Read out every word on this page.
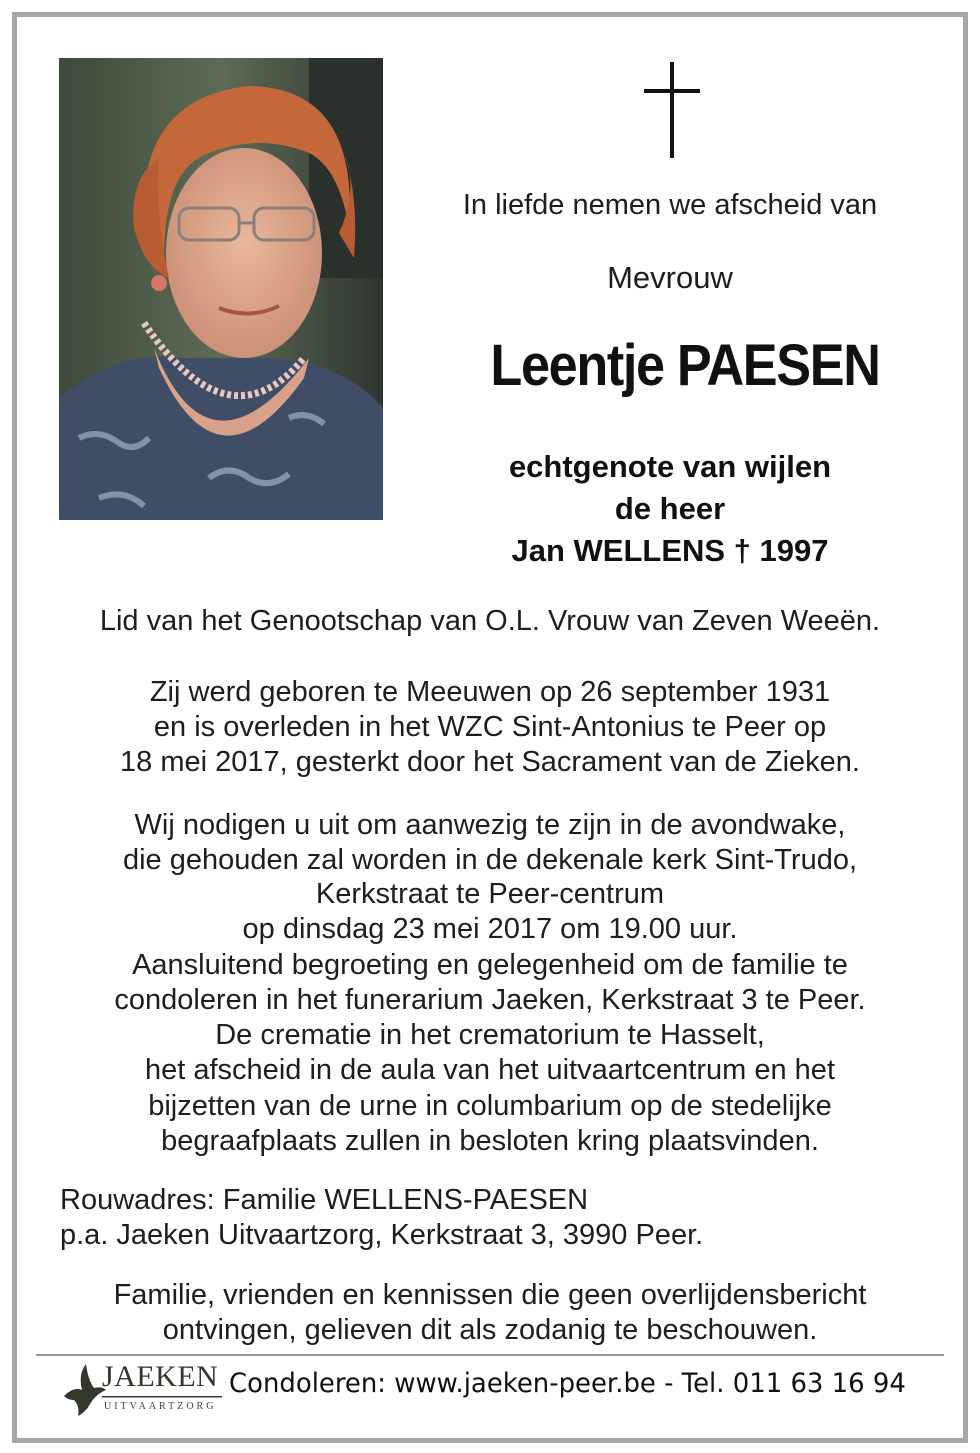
In liefde nemen we afscheid van
Mevrouw
Leentje PAESEN
echtgenote van wijlen
de heer
Jan WELLENS † 1997
Lid van het Genootschap van O.L. Vrouw van Zeven Weeën.
Zij werd geboren te Meeuwen op 26 september 1931
en is overleden in het WZC Sint-Antonius te Peer op
18 mei 2017, gesterkt door het Sacrament van de Zieken.
Wij nodigen u uit om aanwezig te zijn in de avondwake,
die gehouden zal worden in de dekenale kerk Sint-Trudo,
Kerkstraat te Peer-centrum
op dinsdag 23 mei 2017 om 19.00 uur.
Aansluitend begroeting en gelegenheid om de familie te
condoleren in het funerarium Jaeken, Kerkstraat 3 te Peer.
De crematie in het crematorium te Hasselt,
het afscheid in de aula van het uitvaartcentrum en het
bijzetten van de urne in columbarium op de stedelijke
begraafplaats zullen in besloten kring plaatsvinden.
Rouwadres: Familie WELLENS-PAESEN
p.a. Jaeken Uitvaartzorg, Kerkstraat 3, 3990 Peer.
Familie, vrienden en kennissen die geen overlijdensbericht
ontvingen, gelieven dit als zodanig te beschouwen.
JAEKEN
UITVAARTZORG
Condoleren: www.jaeken-peer.be - Tel. 011 63 16 94
